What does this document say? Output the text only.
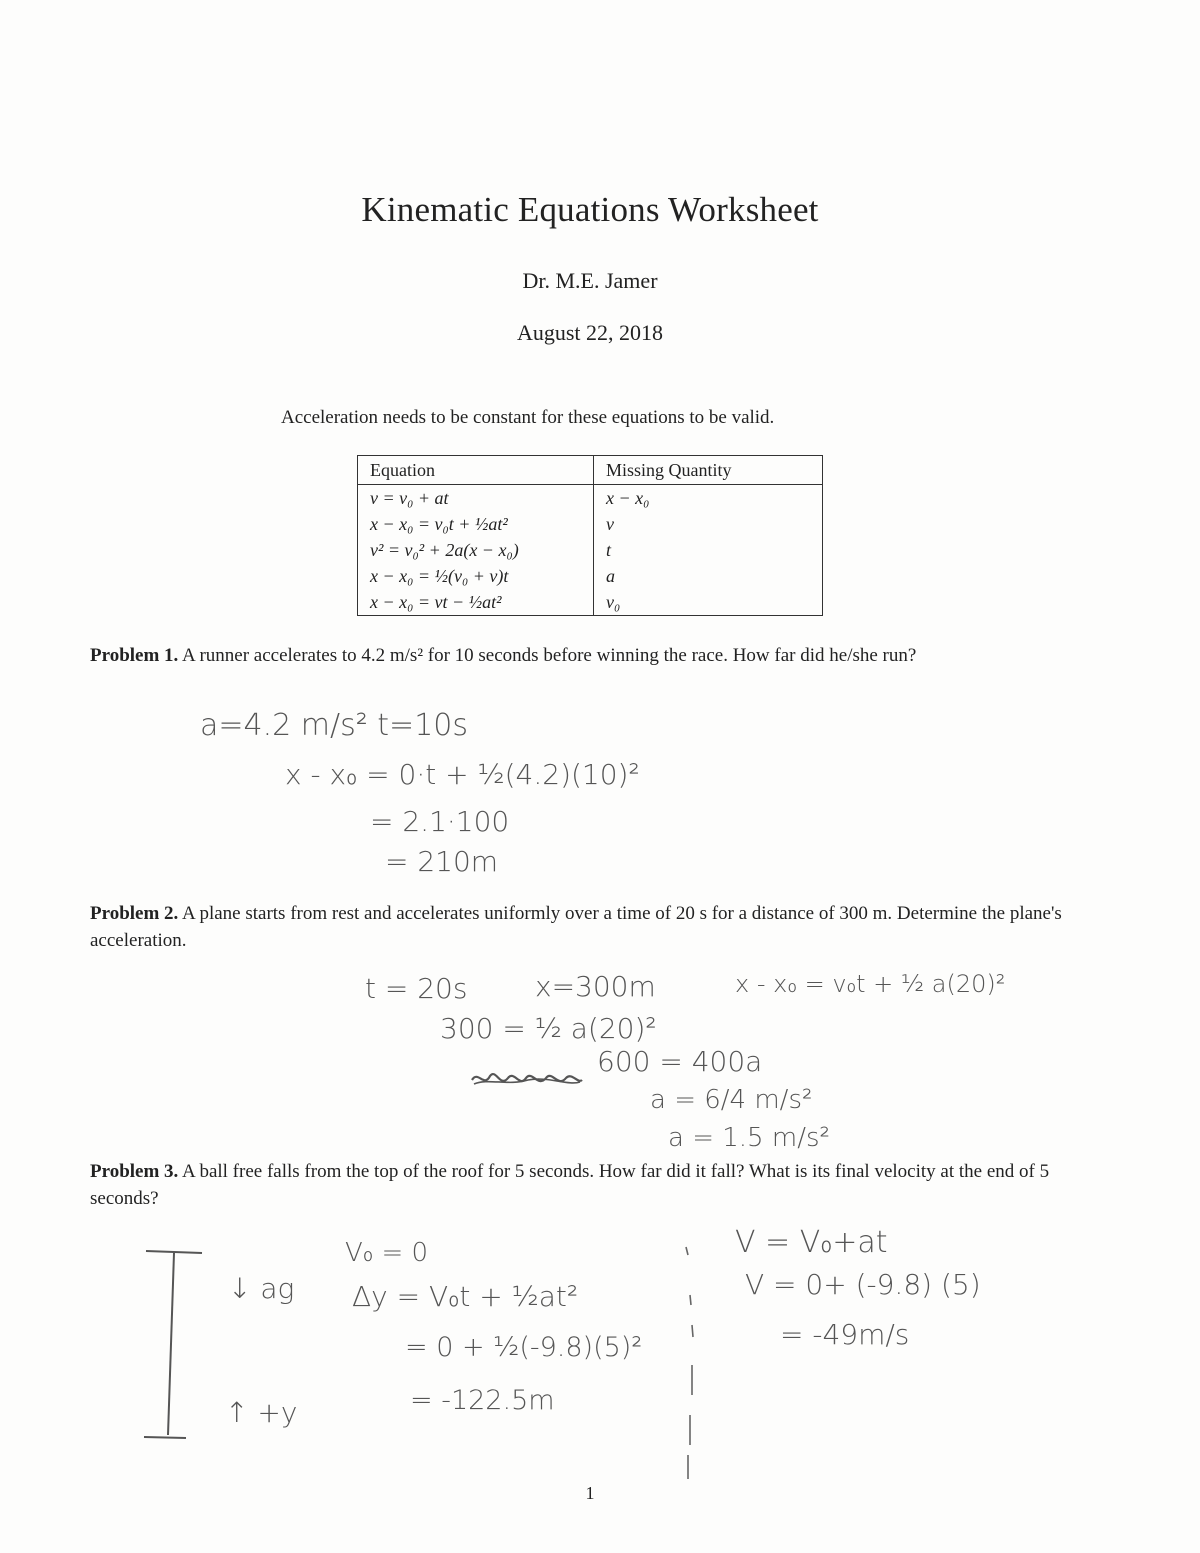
Kinematic Equations Worksheet
Dr. M.E. Jamer
August 22, 2018
Acceleration needs to be constant for these equations to be valid.
Equation	Missing Quantity
v = v₀ + at	x − x₀
x − x₀ = v₀t + ½at²	v
v² = v₀² + 2a(x − x₀)	t
x − x₀ = ½(v₀ + v)t	a
x − x₀ = vt − ½at²	v₀
Problem 1. A runner accelerates to 4.2 m/s² for 10 seconds before winning the race. How far did he/she run?
a=4.2 m/s² t=10s
x - x₀ = 0·t + ½(4.2)(10)²
= 2.1·100
= 210m
Problem 2. A plane starts from rest and accelerates uniformly over a time of 20 s for a distance of 300 m. Determine the plane's acceleration.
t = 20s x=300m	x - x₀ = v₀t + ½ a(20)²
300 = ½ a(20)²
600 = 400a
a = 6/4 m/s²
a = 1.5 m/s²
Problem 3. A ball free falls from the top of the roof for 5 seconds. How far did it fall? What is its final velocity at the end of 5 seconds?
↓ ag
↑ +y
V₀ = 0
Δy = V₀t + ½at²
= 0 + ½(-9.8)(5)²
= -122.5m
V = V₀+at
V = 0+ (-9.8) (5)
= -49m/s
1
